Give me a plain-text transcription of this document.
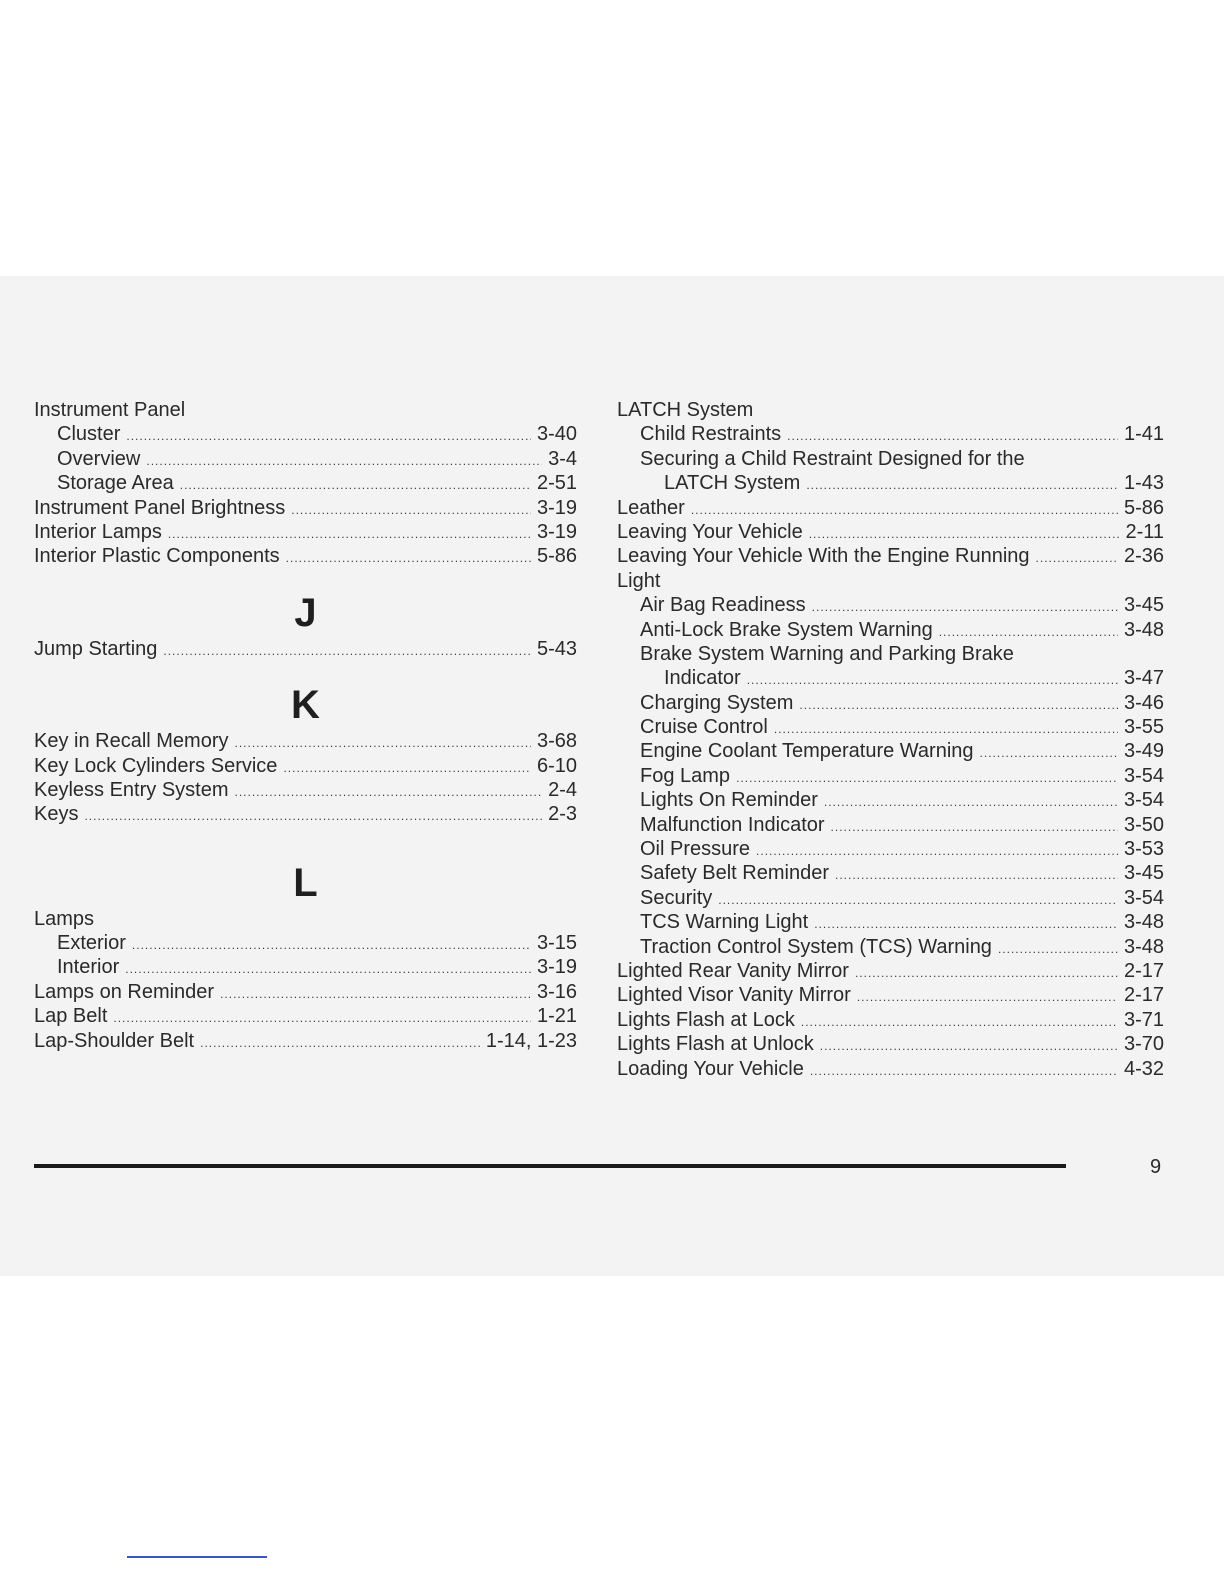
Instrument Panel
Cluster .....	3-40
Overview .....	3-4
Storage Area .....	2-51
Instrument Panel Brightness .....	3-19
Interior Lamps .....	3-19
Interior Plastic Components .....	5-86
J
Jump Starting .....	5-43
K
Key in Recall Memory .....	3-68
Key Lock Cylinders Service .....	6-10
Keyless Entry System .....	2-4
Keys .....	2-3
L
Lamps
Exterior .....	3-15
Interior .....	3-19
Lamps on Reminder .....	3-16
Lap Belt .....	1-21
Lap-Shoulder Belt .....	1-14, 1-23
LATCH System
Child Restraints .....	1-41
Securing a Child Restraint Designed for the
LATCH System .....	1-43
Leather .....	5-86
Leaving Your Vehicle .....	2-11
Leaving Your Vehicle With the Engine Running .....	2-36
Light
Air Bag Readiness .....	3-45
Anti-Lock Brake System Warning .....	3-48
Brake System Warning and Parking Brake
Indicator .....	3-47
Charging System .....	3-46
Cruise Control .....	3-55
Engine Coolant Temperature Warning .....	3-49
Fog Lamp .....	3-54
Lights On Reminder .....	3-54
Malfunction Indicator .....	3-50
Oil Pressure .....	3-53
Safety Belt Reminder .....	3-45
Security .....	3-54
TCS Warning Light .....	3-48
Traction Control System (TCS) Warning .....	3-48
Lighted Rear Vanity Mirror .....	2-17
Lighted Visor Vanity Mirror .....	2-17
Lights Flash at Lock .....	3-71
Lights Flash at Unlock .....	3-70
Loading Your Vehicle .....	4-32
9
